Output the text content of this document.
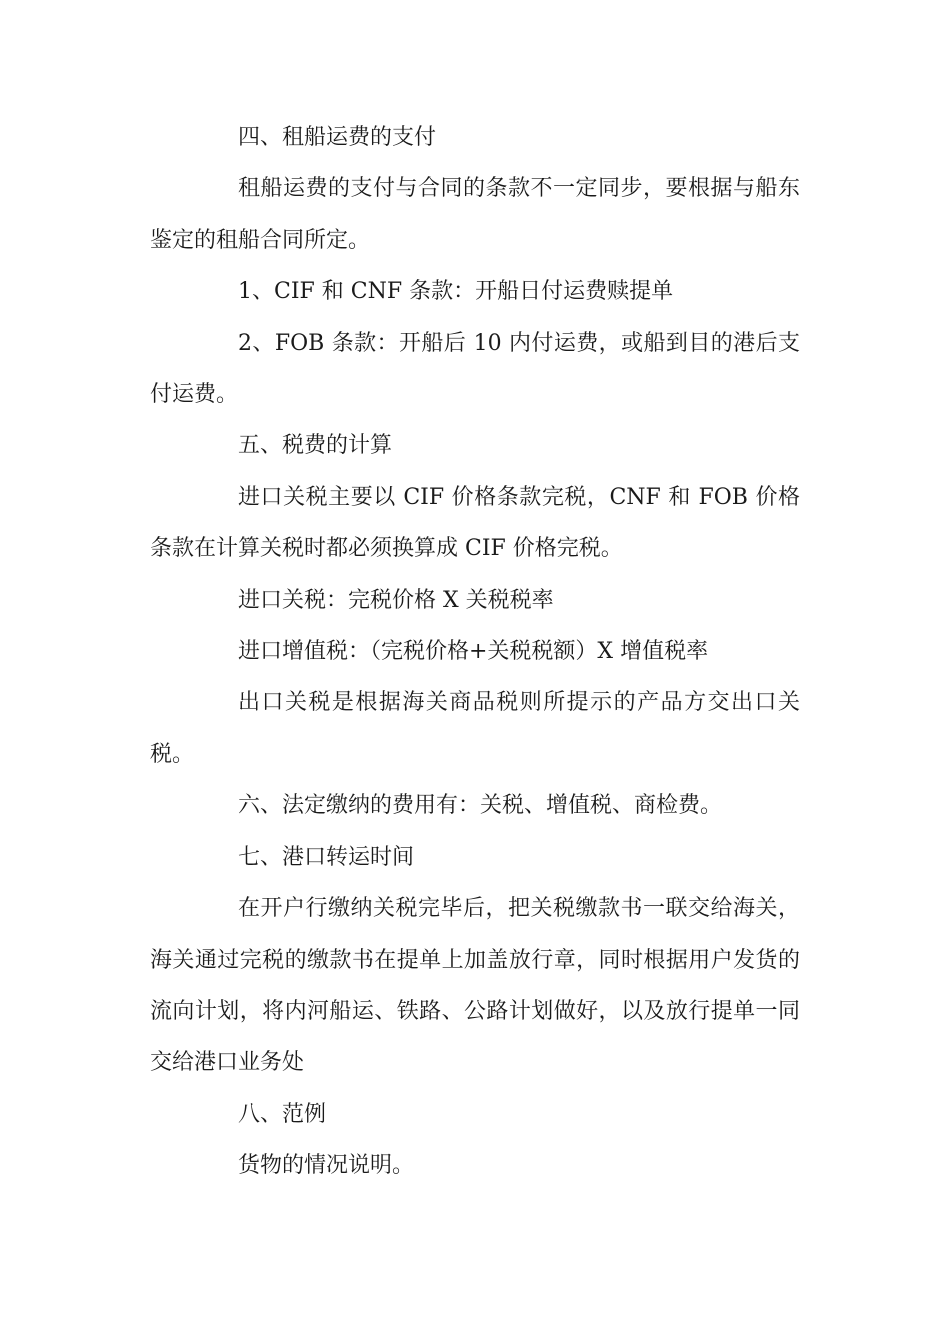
四、租船运费的支付

租船运费的支付与合同的条款不一定同步，要根据与船东鉴定的租船合同所定。

1、CIF 和 CNF 条款：开船日付运费赎提单

2、FOB 条款：开船后 10 内付运费，或船到目的港后支付运费。

五、税费的计算

进口关税主要以 CIF 价格条款完税，CNF 和 FOB 价格条款在计算关税时都必须换算成 CIF 价格完税。

进口关税：完税价格 X 关税税率

进口增值税：（完税价格+关税税额）X 增值税率

出口关税是根据海关商品税则所提示的产品方交出口关税。

六、法定缴纳的费用有：关税、增值税、商检费。

七、港口转运时间

在开户行缴纳关税完毕后，把关税缴款书一联交给海关，海关通过完税的缴款书在提单上加盖放行章，同时根据用户发货的流向计划，将内河船运、铁路、公路计划做好，以及放行提单一同交给港口业务处

八、范例

货物的情况说明。
